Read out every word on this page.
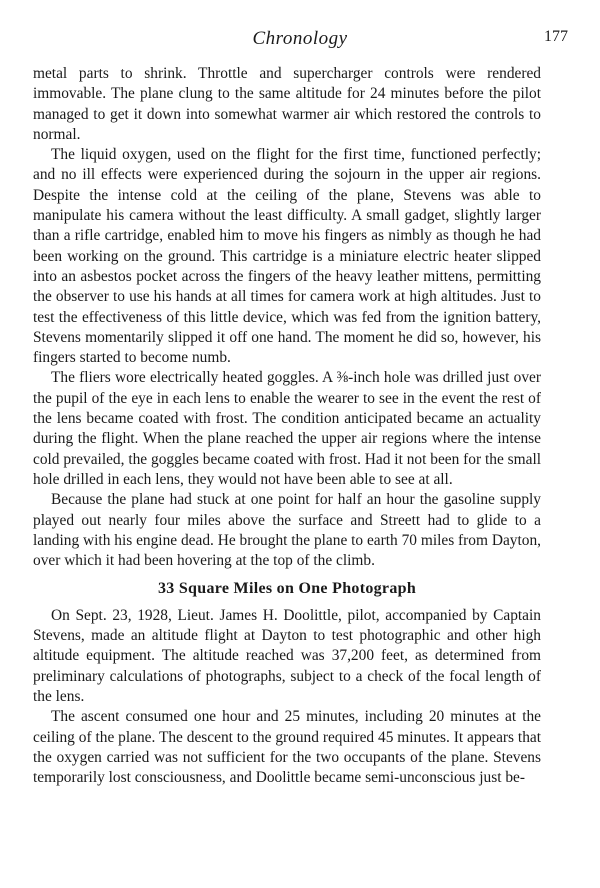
Chronology	177

metal parts to shrink. Throttle and supercharger controls were rendered immovable. The plane clung to the same altitude for 24 minutes before the pilot managed to get it down into somewhat warmer air which restored the controls to normal.

The liquid oxygen, used on the flight for the first time, functioned perfectly; and no ill effects were experienced during the sojourn in the upper air regions. Despite the intense cold at the ceiling of the plane, Stevens was able to manipulate his camera without the least difficulty. A small gadget, slightly larger than a rifle cartridge, enabled him to move his fingers as nimbly as though he had been working on the ground. This cartridge is a miniature electric heater slipped into an asbestos pocket across the fingers of the heavy leather mittens, permitting the observer to use his hands at all times for camera work at high altitudes. Just to test the effectiveness of this little device, which was fed from the ignition battery, Stevens momentarily slipped it off one hand. The moment he did so, however, his fingers started to become numb.

The fliers wore electrically heated goggles. A ⅜-inch hole was drilled just over the pupil of the eye in each lens to enable the wearer to see in the event the rest of the lens became coated with frost. The condition anticipated became an actuality during the flight. When the plane reached the upper air regions where the intense cold prevailed, the goggles became coated with frost. Had it not been for the small hole drilled in each lens, they would not have been able to see at all.

Because the plane had stuck at one point for half an hour the gasoline supply played out nearly four miles above the surface and Streett had to glide to a landing with his engine dead. He brought the plane to earth 70 miles from Dayton, over which it had been hovering at the top of the climb.

33 Square Miles on One Photograph

On Sept. 23, 1928, Lieut. James H. Doolittle, pilot, accompanied by Captain Stevens, made an altitude flight at Dayton to test photographic and other high altitude equipment. The altitude reached was 37,200 feet, as determined from preliminary calculations of photographs, subject to a check of the focal length of the lens.

The ascent consumed one hour and 25 minutes, including 20 minutes at the ceiling of the plane. The descent to the ground required 45 minutes. It appears that the oxygen carried was not sufficient for the two occupants of the plane. Stevens temporarily lost consciousness, and Doolittle became semi-unconscious just be-
